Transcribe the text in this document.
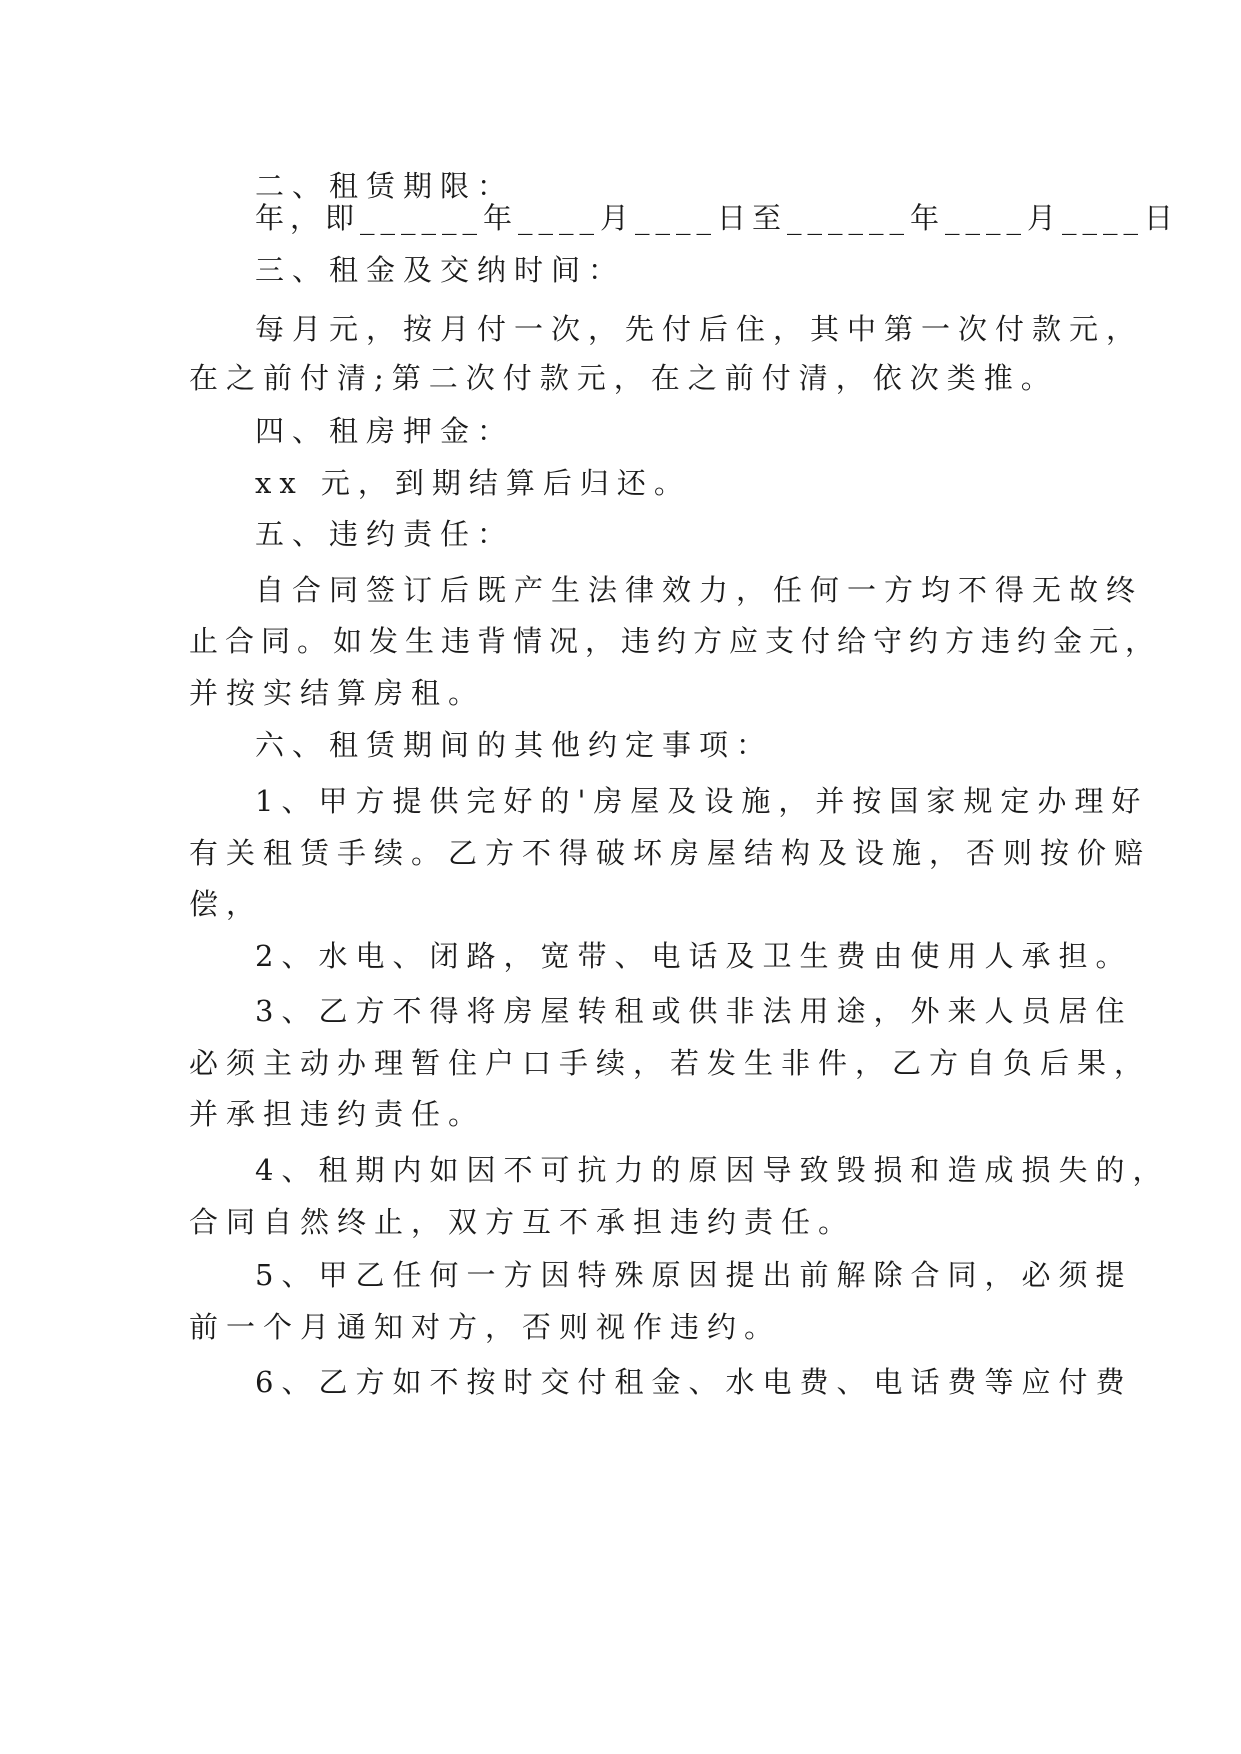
二、租赁期限：
年，即______年____月____日至______年____月____日
三、租金及交纳时间：
每月元，按月付一次，先付后住，其中第一次付款元，
在之前付清;第二次付款元，在之前付清，依次类推。
四、租房押金：
xx 元，到期结算后归还。
五、违约责任：
自合同签订后既产生法律效力，任何一方均不得无故终
止合同。如发生违背情况，违约方应支付给守约方违约金元，
并按实结算房租。
六、租赁期间的其他约定事项：
1、甲方提供完好的'房屋及设施，并按国家规定办理好
有关租赁手续。乙方不得破坏房屋结构及设施，否则按价赔
偿，
2、水电、闭路，宽带、电话及卫生费由使用人承担。
3、乙方不得将房屋转租或供非法用途，外来人员居住
必须主动办理暂住户口手续，若发生非件，乙方自负后果，
并承担违约责任。
4、租期内如因不可抗力的原因导致毁损和造成损失的，
合同自然终止，双方互不承担违约责任。
5、甲乙任何一方因特殊原因提出前解除合同，必须提
前一个月通知对方，否则视作违约。
6、乙方如不按时交付租金、水电费、电话费等应付费
